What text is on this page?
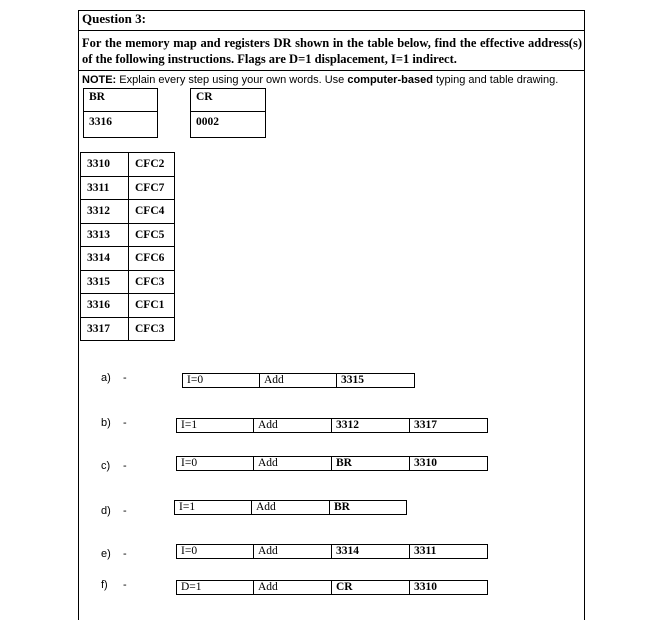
Question 3:
For the memory map and registers DR shown in the table below, find the effective address(s) of the following instructions. Flags are D=1 displacement, I=1 indirect.
NOTE: Explain every step using your own words. Use computer-based typing and table drawing.
BR
3316
CR
0002
3310	CFC2
3311	CFC7
3312	CFC4
3313	CFC5
3314	CFC6
3315	CFC3
3316	CFC1
3317	CFC3
a) -	I=0	Add	3315
b) -	I=1	Add	3312	3317
c) -	I=0	Add	BR	3310
d) -	I=1	Add	BR
e) -	I=0	Add	3314	3311
f) -	D=1	Add	CR	3310
